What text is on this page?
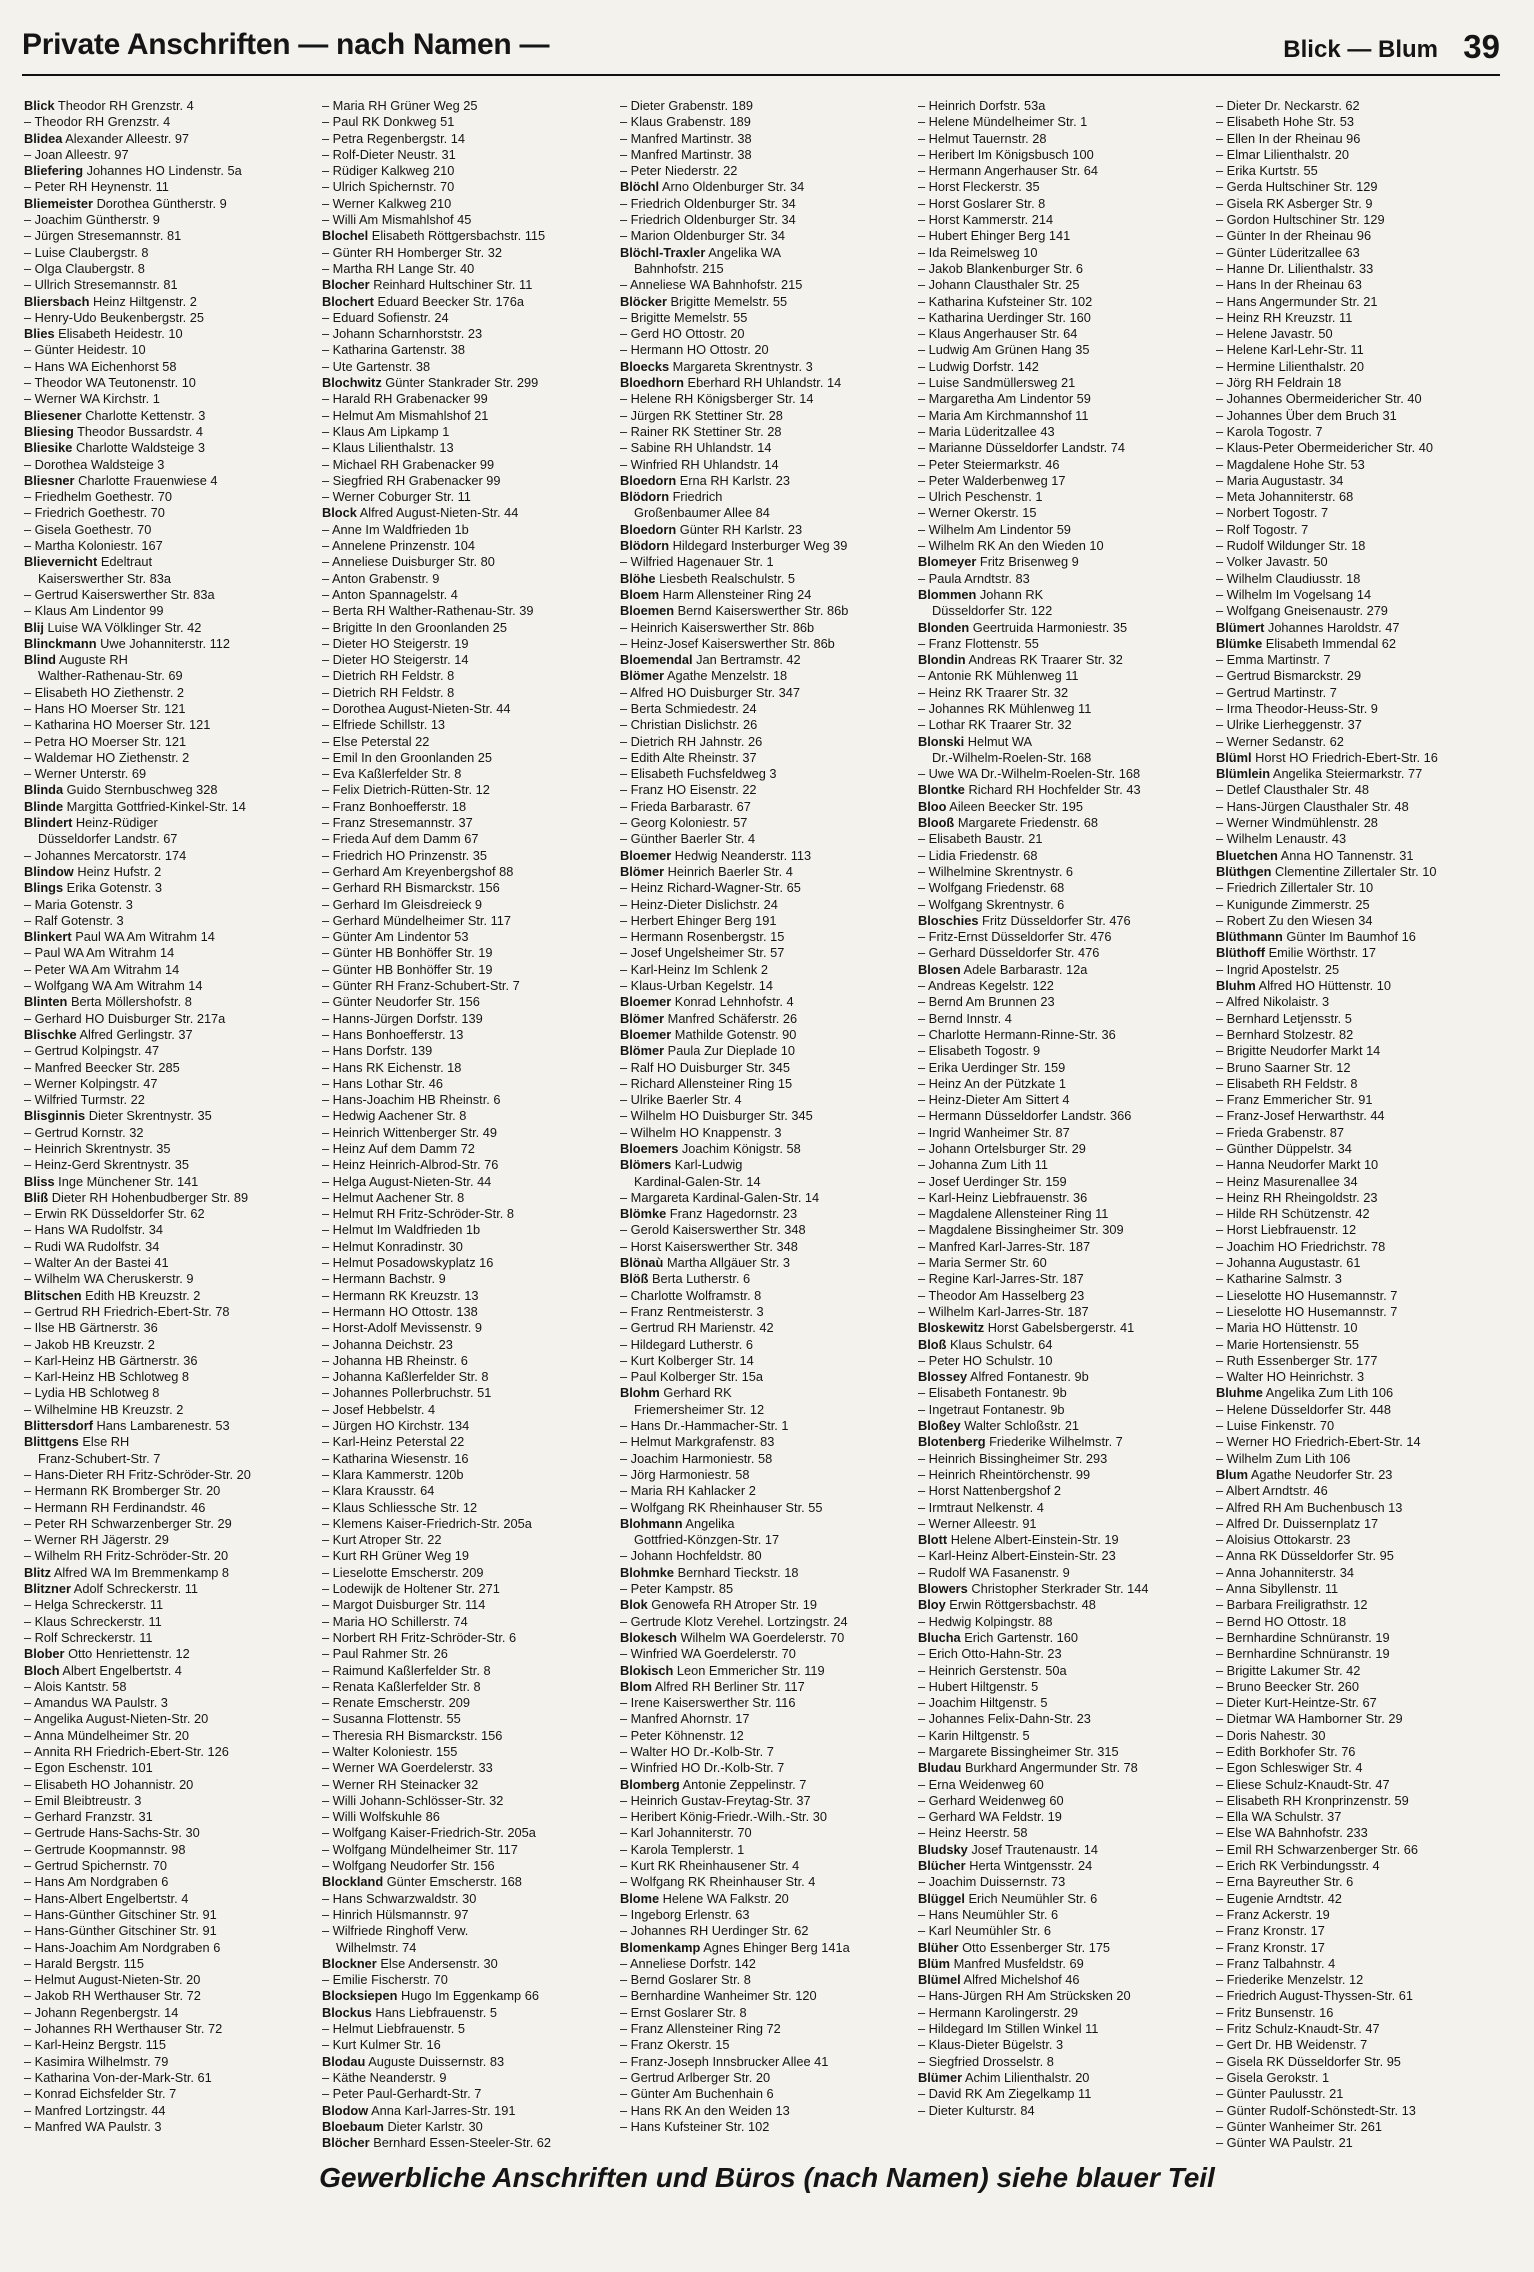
Private Anschriften — nach Namen —	Blick — Blum 39
Blick Theodor RH Grenzstr. 4
– Theodor RH Grenzstr. 4
Blidea Alexander Alleestr. 97
– Joan Alleestr. 97
Bliefering Johannes HO Lindenstr. 5a
– Peter RH Heynenstr. 11
Bliemeister Dorothea Güntherstr. 9
– Joachim Güntherstr. 9
– Jürgen Stresemannstr. 81
– Luise Claubergstr. 8
– Olga Claubergstr. 8
– Ullrich Stresemannstr. 81
Bliersbach Heinz Hiltgenstr. 2
– Henry-Udo Beukenbergstr. 25
Blies Elisabeth Heidestr. 10
– Günter Heidestr. 10
– Hans WA Eichenhorst 58
– Theodor WA Teutonenstr. 10
– Werner WA Kirchstr. 1
Bliesener Charlotte Kettenstr. 3
Bliesing Theodor Bussardstr. 4
Bliesike Charlotte Waldsteige 3
– Dorothea Waldsteige 3
Bliesner Charlotte Frauenwiese 4
– Friedhelm Goethestr. 70
– Friedrich Goethestr. 70
– Gisela Goethestr. 70
– Martha Koloniestr. 167
Blievernicht Edeltraut
Kaiserswerther Str. 83a
– Gertrud Kaiserswerther Str. 83a
– Klaus Am Lindentor 99
Blij Luise WA Völklinger Str. 42
Blinckmann Uwe Johanniterstr. 112
Blind Auguste RH
Walther-Rathenau-Str. 69
– Elisabeth HO Ziethenstr. 2
– Hans HO Moerser Str. 121
– Katharina HO Moerser Str. 121
– Petra HO Moerser Str. 121
– Waldemar HO Ziethenstr. 2
– Werner Unterstr. 69
Blinda Guido Sternbuschweg 328
Blinde Margitta Gottfried-Kinkel-Str. 14
Blindert Heinz-Rüdiger
Düsseldorfer Landstr. 67
– Johannes Mercatorstr. 174
Blindow Heinz Hufstr. 2
Blings Erika Gotenstr. 3
– Maria Gotenstr. 3
– Ralf Gotenstr. 3
Blinkert Paul WA Am Witrahm 14
– Paul WA Am Witrahm 14
– Peter WA Am Witrahm 14
– Wolfgang WA Am Witrahm 14
Blinten Berta Möllershofstr. 8
– Gerhard HO Duisburger Str. 217a
Blischke Alfred Gerlingstr. 37
– Gertrud Kolpingstr. 47
– Manfred Beecker Str. 285
– Werner Kolpingstr. 47
– Wilfried Turmstr. 22
Blisginnis Dieter Skrentnystr. 35
– Gertrud Kornstr. 32
– Heinrich Skrentnystr. 35
– Heinz-Gerd Skrentnystr. 35
Bliss Inge Münchener Str. 141
Bliß Dieter RH Hohenbudberger Str. 89
– Erwin RK Düsseldorfer Str. 62
– Hans WA Rudolfstr. 34
– Rudi WA Rudolfstr. 34
– Walter An der Bastei 41
– Wilhelm WA Cheruskerstr. 9
Blitschen Edith HB Kreuzstr. 2
– Gertrud RH Friedrich-Ebert-Str. 78
– Ilse HB Gärtnerstr. 36
– Jakob HB Kreuzstr. 2
– Karl-Heinz HB Gärtnerstr. 36
– Karl-Heinz HB Schlotweg 8
– Lydia HB Schlotweg 8
– Wilhelmine HB Kreuzstr. 2
Blittersdorf Hans Lambarenestr. 53
Blittgens Else RH
Franz-Schubert-Str. 7
– Hans-Dieter RH Fritz-Schröder-Str. 20
– Hermann RK Bromberger Str. 20
– Hermann RH Ferdinandstr. 46
– Peter RH Schwarzenberger Str. 29
– Werner RH Jägerstr. 29
– Wilhelm RH Fritz-Schröder-Str. 20
Blitz Alfred WA Im Bremmenkamp 8
Blitzner Adolf Schreckerstr. 11
– Helga Schreckerstr. 11
– Klaus Schreckerstr. 11
– Rolf Schreckerstr. 11
Blober Otto Henriettenstr. 12
Bloch Albert Engelbertstr. 4
– Alois Kantstr. 58
– Amandus WA Paulstr. 3
– Angelika August-Nieten-Str. 20
– Anna Mündelheimer Str. 20
– Annita RH Friedrich-Ebert-Str. 126
– Egon Eschenstr. 101
– Elisabeth HO Johannistr. 20
– Emil Bleibtreustr. 3
– Gerhard Franzstr. 31
– Gertrude Hans-Sachs-Str. 30
– Gertrude Koopmannstr. 98
– Gertrud Spichernstr. 70
– Hans Am Nordgraben 6
– Hans-Albert Engelbertstr. 4
– Hans-Günther Gitschiner Str. 91
– Hans-Günther Gitschiner Str. 91
– Hans-Joachim Am Nordgraben 6
– Harald Bergstr. 115
– Helmut August-Nieten-Str. 20
– Jakob RH Werthauser Str. 72
– Johann Regenbergstr. 14
– Johannes RH Werthauser Str. 72
– Karl-Heinz Bergstr. 115
– Kasimira Wilhelmstr. 79
– Katharina Von-der-Mark-Str. 61
– Konrad Eichsfelder Str. 7
– Manfred Lortzingstr. 44
– Manfred WA Paulstr. 3
– Maria RH Grüner Weg 25
– Paul RK Donkweg 51
– Petra Regenbergstr. 14
– Rolf-Dieter Neustr. 31
– Rüdiger Kalkweg 210
– Ulrich Spichernstr. 70
– Werner Kalkweg 210
– Willi Am Mismahlshof 45
Blochel Elisabeth Röttgersbachstr. 115
– Günter RH Homberger Str. 32
– Martha RH Lange Str. 40
Blocher Reinhard Hultschiner Str. 11
Blochert Eduard Beecker Str. 176a
– Eduard Sofienstr. 24
– Johann Scharnhorststr. 23
– Katharina Gartenstr. 38
– Ute Gartenstr. 38
Blochwitz Günter Stankrader Str. 299
– Harald RH Grabenacker 99
– Helmut Am Mismahlshof 21
– Klaus Am Lipkamp 1
– Klaus Lilienthalstr. 13
– Michael RH Grabenacker 99
– Siegfried RH Grabenacker 99
– Werner Coburger Str. 11
Block Alfred August-Nieten-Str. 44
– Anne Im Waldfrieden 1b
– Annelene Prinzenstr. 104
– Anneliese Duisburger Str. 80
– Anton Grabenstr. 9
– Anton Spannagelstr. 4
– Berta RH Walther-Rathenau-Str. 39
– Brigitte In den Groonlanden 25
– Dieter HO Steigerstr. 19
– Dieter HO Steigerstr. 14
– Dietrich RH Feldstr. 8
– Dietrich RH Feldstr. 8
– Dorothea August-Nieten-Str. 44
– Elfriede Schillstr. 13
– Else Peterstal 22
– Emil In den Groonlanden 25
– Eva Kaßlerfelder Str. 8
– Felix Dietrich-Rütten-Str. 12
– Franz Bonhoefferstr. 18
– Franz Stresemannstr. 37
– Frieda Auf dem Damm 67
– Friedrich HO Prinzenstr. 35
– Gerhard Am Kreyenbergshof 88
– Gerhard RH Bismarckstr. 156
– Gerhard Im Gleisdreieck 9
– Gerhard Mündelheimer Str. 117
– Günter Am Lindentor 53
– Günter HB Bonhöffer Str. 19
– Günter HB Bonhöffer Str. 19
– Günter RH Franz-Schubert-Str. 7
– Günter Neudorfer Str. 156
– Hanns-Jürgen Dorfstr. 139
– Hans Bonhoefferstr. 13
– Hans Dorfstr. 139
– Hans RK Eichenstr. 18
– Hans Lothar Str. 46
– Hans-Joachim HB Rheinstr. 6
– Hedwig Aachener Str. 8
– Heinrich Wittenberger Str. 49
– Heinz Auf dem Damm 72
– Heinz Heinrich-Albrod-Str. 76
– Helga August-Nieten-Str. 44
– Helmut Aachener Str. 8
– Helmut RH Fritz-Schröder-Str. 8
– Helmut Im Waldfrieden 1b
– Helmut Konradinstr. 30
– Helmut Posadowskyplatz 16
– Hermann Bachstr. 9
– Hermann RK Kreuzstr. 13
– Hermann HO Ottostr. 138
– Horst-Adolf Mevissenstr. 9
– Johanna Deichstr. 23
– Johanna HB Rheinstr. 6
– Johanna Kaßlerfelder Str. 8
– Johannes Pollerbruchstr. 51
– Josef Hebbelstr. 4
– Jürgen HO Kirchstr. 134
– Karl-Heinz Peterstal 22
– Katharina Wiesenstr. 16
– Klara Kammerstr. 120b
– Klara Krausstr. 64
– Klaus Schliessche Str. 12
– Klemens Kaiser-Friedrich-Str. 205a
– Kurt Atroper Str. 22
– Kurt RH Grüner Weg 19
– Lieselotte Emscherstr. 209
– Lodewijk de Holtener Str. 271
– Margot Duisburger Str. 114
– Maria HO Schillerstr. 74
– Norbert RH Fritz-Schröder-Str. 6
– Paul Rahmer Str. 26
– Raimund Kaßlerfelder Str. 8
– Renata Kaßlerfelder Str. 8
– Renate Emscherstr. 209
– Susanna Flottenstr. 55
– Theresia RH Bismarckstr. 156
– Walter Koloniestr. 155
– Werner WA Goerdelerstr. 33
– Werner RH Steinacker 32
– Willi Johann-Schlösser-Str. 32
– Willi Wolfskuhle 86
– Wolfgang Kaiser-Friedrich-Str. 205a
– Wolfgang Mündelheimer Str. 117
– Wolfgang Neudorfer Str. 156
Blockland Günter Emscherstr. 168
– Hans Schwarzwaldstr. 30
– Hinrich Hülsmannstr. 97
– Wilfriede Ringhoff Verw.
Wilhelmstr. 74
Blockner Else Andersenstr. 30
– Emilie Fischerstr. 70
Blocksiepen Hugo Im Eggenkamp 66
Blockus Hans Liebfrauenstr. 5
– Helmut Liebfrauenstr. 5
– Kurt Kulmer Str. 16
Blodau Auguste Duissernstr. 83
– Käthe Neanderstr. 9
– Peter Paul-Gerhardt-Str. 7
Blodow Anna Karl-Jarres-Str. 191
Bloebaum Dieter Karlstr. 30
Blöcher Bernhard Essen-Steeler-Str. 62
– Dieter Grabenstr. 189
– Klaus Grabenstr. 189
– Manfred Martinstr. 38
– Manfred Martinstr. 38
– Peter Niederstr. 22
Blöchl Arno Oldenburger Str. 34
– Friedrich Oldenburger Str. 34
– Friedrich Oldenburger Str. 34
– Marion Oldenburger Str. 34
Blöchl-Traxler Angelika WA
Bahnhofstr. 215
– Anneliese WA Bahnhofstr. 215
Blöcker Brigitte Memelstr. 55
– Brigitte Memelstr. 55
– Gerd HO Ottostr. 20
– Hermann HO Ottostr. 20
Bloecks Margareta Skrentnystr. 3
Bloedhorn Eberhard RH Uhlandstr. 14
– Helene RH Königsberger Str. 14
– Jürgen RK Stettiner Str. 28
– Rainer RK Stettiner Str. 28
– Sabine RH Uhlandstr. 14
– Winfried RH Uhlandstr. 14
Bloedorn Erna RH Karlstr. 23
Blödorn Friedrich
Großenbaumer Allee 84
Bloedorn Günter RH Karlstr. 23
Blödorn Hildegard Insterburger Weg 39
– Wilfried Hagenauer Str. 1
Blöhe Liesbeth Realschulstr. 5
Bloem Harm Allensteiner Ring 24
Bloemen Bernd Kaiserswerther Str. 86b
– Heinrich Kaiserswerther Str. 86b
– Heinz-Josef Kaiserswerther Str. 86b
Bloemendal Jan Bertramstr. 42
Blömer Agathe Menzelstr. 18
– Alfred HO Duisburger Str. 347
– Berta Schmiedestr. 24
– Christian Dislichstr. 26
– Dietrich RH Jahnstr. 26
– Edith Alte Rheinstr. 37
– Elisabeth Fuchsfeldweg 3
– Franz HO Eisenstr. 22
– Frieda Barbarastr. 67
– Georg Koloniestr. 57
– Günther Baerler Str. 4
Bloemer Hedwig Neanderstr. 113
Blömer Heinrich Baerler Str. 4
– Heinz Richard-Wagner-Str. 65
– Heinz-Dieter Dislichstr. 24
– Herbert Ehinger Berg 191
– Hermann Rosenbergstr. 15
– Josef Ungelsheimer Str. 57
– Karl-Heinz Im Schlenk 2
– Klaus-Urban Kegelstr. 14
Bloemer Konrad Lehnhofstr. 4
Blömer Manfred Schäferstr. 26
Bloemer Mathilde Gotenstr. 90
Blömer Paula Zur Dieplade 10
– Ralf HO Duisburger Str. 345
– Richard Allensteiner Ring 15
– Ulrike Baerler Str. 4
– Wilhelm HO Duisburger Str. 345
– Wilhelm HO Knappenstr. 3
Bloemers Joachim Königstr. 58
Blömers Karl-Ludwig
Kardinal-Galen-Str. 14
– Margareta Kardinal-Galen-Str. 14
Blömke Franz Hagedornstr. 23
– Gerold Kaiserswerther Str. 348
– Horst Kaiserswerther Str. 348
Blönaù Martha Allgäuer Str. 3
Blöß Berta Lutherstr. 6
– Charlotte Wolframstr. 8
– Franz Rentmeisterstr. 3
– Gertrud RH Marienstr. 42
– Hildegard Lutherstr. 6
– Kurt Kolberger Str. 14
– Paul Kolberger Str. 15a
Blohm Gerhard RK
Friemersheimer Str. 12
– Hans Dr.-Hammacher-Str. 1
– Helmut Markgrafenstr. 83
– Joachim Harmoniestr. 58
– Jörg Harmoniestr. 58
– Maria RH Kahlacker 2
– Wolfgang RK Rheinhauser Str. 55
Blohmann Angelika
Gottfried-Könzgen-Str. 17
– Johann Hochfeldstr. 80
Blohmke Bernhard Tieckstr. 18
– Peter Kampstr. 85
Blok Genowefa RH Atroper Str. 19
– Gertrude Klotz Verehel. Lortzingstr. 24
Blokesch Wilhelm WA Goerdelerstr. 70
– Winfried WA Goerdelerstr. 70
Blokisch Leon Emmericher Str. 119
Blom Alfred RH Berliner Str. 117
– Irene Kaiserswerther Str. 116
– Manfred Ahornstr. 17
– Peter Köhnenstr. 12
– Walter HO Dr.-Kolb-Str. 7
– Winfried HO Dr.-Kolb-Str. 7
Blomberg Antonie Zeppelinstr. 7
– Heinrich Gustav-Freytag-Str. 37
– Heribert König-Friedr.-Wilh.-Str. 30
– Karl Johanniterstr. 70
– Karola Templerstr. 1
– Kurt RK Rheinhausener Str. 4
– Wolfgang RK Rheinhauser Str. 4
Blome Helene WA Falkstr. 20
– Ingeborg Erlenstr. 63
– Johannes RH Uerdinger Str. 62
Blomenkamp Agnes Ehinger Berg 141a
– Anneliese Dorfstr. 142
– Bernd Goslarer Str. 8
– Bernhardine Wanheimer Str. 120
– Ernst Goslarer Str. 8
– Franz Allensteiner Ring 72
– Franz Okerstr. 15
– Franz-Joseph Innsbrucker Allee 41
– Gertrud Arlberger Str. 20
– Günter Am Buchenhain 6
– Hans RK An den Weiden 13
– Hans Kufsteiner Str. 102
– Heinrich Dorfstr. 53a
– Helene Mündelheimer Str. 1
– Helmut Tauernstr. 28
– Heribert Im Königsbusch 100
– Hermann Angerhauser Str. 64
– Horst Fleckerstr. 35
– Horst Goslarer Str. 8
– Horst Kammerstr. 214
– Hubert Ehinger Berg 141
– Ida Reimelsweg 10
– Jakob Blankenburger Str. 6
– Johann Clausthaler Str. 25
– Katharina Kufsteiner Str. 102
– Katharina Uerdinger Str. 160
– Klaus Angerhauser Str. 64
– Ludwig Am Grünen Hang 35
– Ludwig Dorfstr. 142
– Luise Sandmüllersweg 21
– Margaretha Am Lindentor 59
– Maria Am Kirchmannshof 11
– Maria Lüderitzallee 43
– Marianne Düsseldorfer Landstr. 74
– Peter Steiermarkstr. 46
– Peter Walderbenweg 17
– Ulrich Peschenstr. 1
– Werner Okerstr. 15
– Wilhelm Am Lindentor 59
– Wilhelm RK An den Wieden 10
Blomeyer Fritz Brisenweg 9
– Paula Arndtstr. 83
Blommen Johann RK
Düsseldorfer Str. 122
Blonden Geertruida Harmoniestr. 35
– Franz Flottenstr. 55
Blondin Andreas RK Traarer Str. 32
– Antonie RK Mühlenweg 11
– Heinz RK Traarer Str. 32
– Johannes RK Mühlenweg 11
– Lothar RK Traarer Str. 32
Blonski Helmut WA
Dr.-Wilhelm-Roelen-Str. 168
– Uwe WA Dr.-Wilhelm-Roelen-Str. 168
Blontke Richard RH Hochfelder Str. 43
Bloo Aileen Beecker Str. 195
Blooß Margarete Friedenstr. 68
– Elisabeth Baustr. 21
– Lidia Friedenstr. 68
– Wilhelmine Skrentnystr. 6
– Wolfgang Friedenstr. 68
– Wolfgang Skrentnystr. 6
Bloschies Fritz Düsseldorfer Str. 476
– Fritz-Ernst Düsseldorfer Str. 476
– Gerhard Düsseldorfer Str. 476
Blosen Adele Barbarastr. 12a
– Andreas Kegelstr. 122
– Bernd Am Brunnen 23
– Bernd Innstr. 4
– Charlotte Hermann-Rinne-Str. 36
– Elisabeth Togostr. 9
– Erika Uerdinger Str. 159
– Heinz An der Pützkate 1
– Heinz-Dieter Am Sittert 4
– Hermann Düsseldorfer Landstr. 366
– Ingrid Wanheimer Str. 87
– Johann Ortelsburger Str. 29
– Johanna Zum Lith 11
– Josef Uerdinger Str. 159
– Karl-Heinz Liebfrauenstr. 36
– Magdalene Allensteiner Ring 11
– Magdalene Bissingheimer Str. 309
– Manfred Karl-Jarres-Str. 187
– Maria Sermer Str. 60
– Regine Karl-Jarres-Str. 187
– Theodor Am Hasselberg 23
– Wilhelm Karl-Jarres-Str. 187
Bloskewitz Horst Gabelsbergerstr. 41
Bloß Klaus Schulstr. 64
– Peter HO Schulstr. 10
Blossey Alfred Fontanestr. 9b
– Elisabeth Fontanestr. 9b
– Ingetraut Fontanestr. 9b
Bloßey Walter Schloßstr. 21
Blotenberg Friederike Wilhelmstr. 7
– Heinrich Bissingheimer Str. 293
– Heinrich Rheintörchenstr. 99
– Horst Nattenbergshof 2
– Irmtraut Nelkenstr. 4
– Werner Alleestr. 91
Blott Helene Albert-Einstein-Str. 19
– Karl-Heinz Albert-Einstein-Str. 23
– Rudolf WA Fasanenstr. 9
Blowers Christopher Sterkrader Str. 144
Bloy Erwin Röttgersbachstr. 48
– Hedwig Kolpingstr. 88
Blucha Erich Gartenstr. 160
– Erich Otto-Hahn-Str. 23
– Heinrich Gerstenstr. 50a
– Hubert Hiltgenstr. 5
– Joachim Hiltgenstr. 5
– Johannes Felix-Dahn-Str. 23
– Karin Hiltgenstr. 5
– Margarete Bissingheimer Str. 315
Bludau Burkhard Angermunder Str. 78
– Erna Weidenweg 60
– Gerhard Weidenweg 60
– Gerhard WA Feldstr. 19
– Heinz Heerstr. 58
Bludsky Josef Trautenaustr. 14
Blücher Herta Wintgensstr. 24
– Joachim Duissernstr. 73
Blüggel Erich Neumühler Str. 6
– Hans Neumühler Str. 6
– Karl Neumühler Str. 6
Blüher Otto Essenberger Str. 175
Blüm Manfred Musfeldstr. 69
Blümel Alfred Michelshof 46
– Hans-Jürgen RH Am Strücksken 20
– Hermann Karolingerstr. 29
– Hildegard Im Stillen Winkel 11
– Klaus-Dieter Bügelstr. 3
– Siegfried Drosselstr. 8
Blümer Achim Lilienthalstr. 20
– David RK Am Ziegelkamp 11
– Dieter Kulturstr. 84
– Dieter Dr. Neckarstr. 62
– Elisabeth Hohe Str. 53
– Ellen In der Rheinau 96
– Elmar Lilienthalstr. 20
– Erika Kurtstr. 55
– Gerda Hultschiner Str. 129
– Gisela RK Asberger Str. 9
– Gordon Hultschiner Str. 129
– Günter In der Rheinau 96
– Günter Lüderitzallee 63
– Hanne Dr. Lilienthalstr. 33
– Hans In der Rheinau 63
– Hans Angermunder Str. 21
– Heinz RH Kreuzstr. 11
– Helene Javastr. 50
– Helene Karl-Lehr-Str. 11
– Hermine Lilienthalstr. 20
– Jörg RH Feldrain 18
– Johannes Obermeidericher Str. 40
– Johannes Über dem Bruch 31
– Karola Togostr. 7
– Klaus-Peter Obermeidericher Str. 40
– Magdalene Hohe Str. 53
– Maria Augustastr. 34
– Meta Johanniterstr. 68
– Norbert Togostr. 7
– Rolf Togostr. 7
– Rudolf Wildunger Str. 18
– Volker Javastr. 50
– Wilhelm Claudiusstr. 18
– Wilhelm Im Vogelsang 14
– Wolfgang Gneisenaustr. 279
Blümert Johannes Haroldstr. 47
Blümke Elisabeth Immendal 62
– Emma Martinstr. 7
– Gertrud Bismarckstr. 29
– Gertrud Martinstr. 7
– Irma Theodor-Heuss-Str. 9
– Ulrike Lierheggenstr. 37
– Werner Sedanstr. 62
Blüml Horst HO Friedrich-Ebert-Str. 16
Blümlein Angelika Steiermarkstr. 77
– Detlef Clausthaler Str. 48
– Hans-Jürgen Clausthaler Str. 48
– Werner Windmühlenstr. 28
– Wilhelm Lenaustr. 43
Bluetchen Anna HO Tannenstr. 31
Blüthgen Clementine Zillertaler Str. 10
– Friedrich Zillertaler Str. 10
– Kunigunde Zimmerstr. 25
– Robert Zu den Wiesen 34
Blüthmann Günter Im Baumhof 16
Blüthoff Emilie Wörthstr. 17
– Ingrid Apostelstr. 25
Bluhm Alfred HO Hüttenstr. 10
– Alfred Nikolaistr. 3
– Bernhard Letjensstr. 5
– Bernhard Stolzestr. 82
– Brigitte Neudorfer Markt 14
– Bruno Saarner Str. 12
– Elisabeth RH Feldstr. 8
– Franz Emmericher Str. 91
– Franz-Josef Herwarthstr. 44
– Frieda Grabenstr. 87
– Günther Düppelstr. 34
– Hanna Neudorfer Markt 10
– Heinz Masurenallee 34
– Heinz RH Rheingoldstr. 23
– Hilde RH Schützenstr. 42
– Horst Liebfrauenstr. 12
– Joachim HO Friedrichstr. 78
– Johanna Augustastr. 61
– Katharine Salmstr. 3
– Lieselotte HO Husemannstr. 7
– Lieselotte HO Husemannstr. 7
– Maria HO Hüttenstr. 10
– Marie Hortensienstr. 55
– Ruth Essenberger Str. 177
– Walter HO Heinrichstr. 3
Bluhme Angelika Zum Lith 106
– Helene Düsseldorfer Str. 448
– Luise Finkenstr. 70
– Werner HO Friedrich-Ebert-Str. 14
– Wilhelm Zum Lith 106
Blum Agathe Neudorfer Str. 23
– Albert Arndtstr. 46
– Alfred RH Am Buchenbusch 13
– Alfred Dr. Duissernplatz 17
– Aloisius Ottokarstr. 23
– Anna RK Düsseldorfer Str. 95
– Anna Johanniterstr. 34
– Anna Sibyllenstr. 11
– Barbara Freiligrathstr. 12
– Bernd HO Ottostr. 18
– Bernhardine Schnüranstr. 19
– Bernhardine Schnüranstr. 19
– Brigitte Lakumer Str. 42
– Bruno Beecker Str. 260
– Dieter Kurt-Heintze-Str. 67
– Dietmar WA Hamborner Str. 29
– Doris Nahestr. 30
– Edith Borkhofer Str. 76
– Egon Schleswiger Str. 4
– Eliese Schulz-Knaudt-Str. 47
– Elisabeth RH Kronprinzenstr. 59
– Ella WA Schulstr. 37
– Else WA Bahnhofstr. 233
– Emil RH Schwarzenberger Str. 66
– Erich RK Verbindungsstr. 4
– Erna Bayreuther Str. 6
– Eugenie Arndtstr. 42
– Franz Ackerstr. 19
– Franz Kronstr. 17
– Franz Kronstr. 17
– Franz Talbahnstr. 4
– Friederike Menzelstr. 12
– Friedrich August-Thyssen-Str. 61
– Fritz Bunsenstr. 16
– Fritz Schulz-Knaudt-Str. 47
– Gert Dr. HB Weidenstr. 7
– Gisela RK Düsseldorfer Str. 95
– Gisela Gerokstr. 1
– Günter Paulusstr. 21
– Günter Rudolf-Schönstedt-Str. 13
– Günter Wanheimer Str. 261
– Günter WA Paulstr. 21
Gewerbliche Anschriften und Büros (nach Namen) siehe blauer Teil
